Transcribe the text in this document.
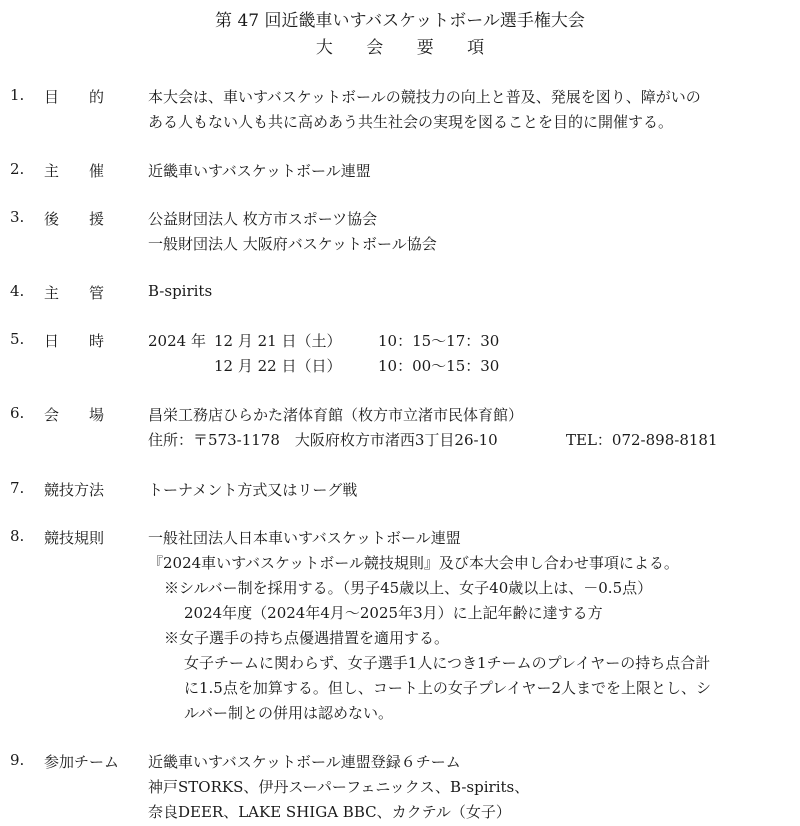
第 47 回近畿車いすバスケットボール選手権大会
大 会 要 項
1. 目　　的	本大会は、車いすバスケットボールの競技力の向上と普及、発展を図り、障がいの
ある人もない人も共に高めあう共生社会の実現を図ることを目的に開催する。
2. 主　　催	近畿車いすバスケットボール連盟
3. 後　　援	公益財団法人 枚方市スポーツ協会
一般財団法人 大阪府バスケットボール協会
4. 主　　管	B-spirits
5. 日　　時	2024 年 12 月 21 日（土） 10：15〜17：30
12 月 22 日（日） 10：00〜15：30
6. 会　　場	昌栄工務店ひらかた渚体育館（枚方市立渚市民体育館）
住所：〒573-1178　大阪府枚方市渚西3丁目26-10	TEL：072-898-8181
7. 競技方法	トーナメント方式又はリーグ戦
8. 競技規則	一般社団法人日本車いすバスケットボール連盟
『2024車いすバスケットボール競技規則』及び本大会申し合わせ事項による。
※シルバー制を採用する。（男子45歳以上、女子40歳以上は、－0.5点）
2024年度（2024年4月〜2025年3月）に上記年齢に達する方
※女子選手の持ち点優遇措置を適用する。
女子チームに関わらず、女子選手1人につき1チームのプレイヤーの持ち点合計
に1.5点を加算する。但し、コート上の女子プレイヤー2人までを上限とし、シ
ルバー制との併用は認めない。
9. 参加チーム 近畿車いすバスケットボール連盟登録６チーム
神戸STORKS、伊丹スーパーフェニックス、B-spirits、
奈良DEER、LAKE SHIGA BBC、カクテル（女子）
